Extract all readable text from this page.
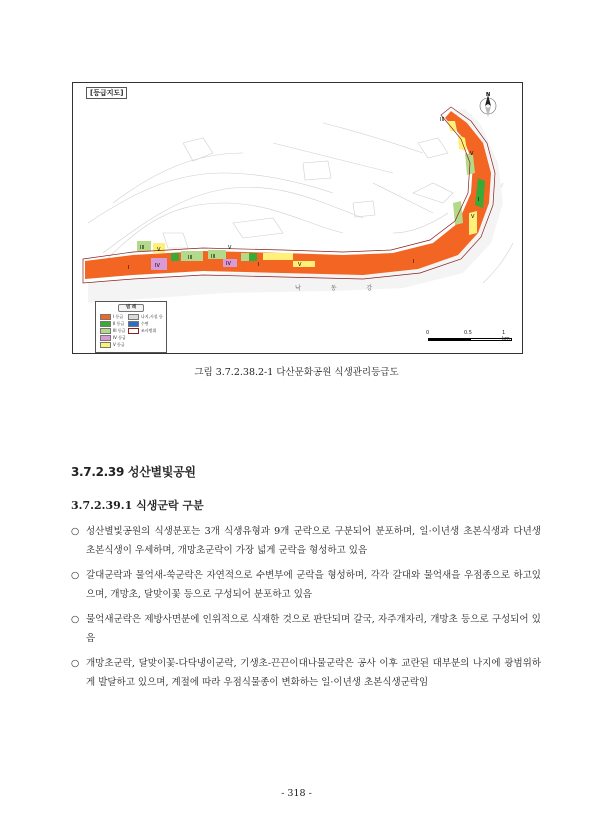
I
III	V
IV
III	III
IV
V
I	V	I
III
V
I
V
[등급지도]	N
낙 동 강
범 례
I 등급	나지,시설 등
II 등급	수면
III 등급	조사범위
IV 등급
V 등급
0	0.5	1 km
그림 3.7.2.38.2-1 다산문화공원 식생관리등급도
3.7.2.39 성산별빛공원
3.7.2.39.1 식생군락 구분
○ 성산별빛공원의 식생분포는 3개 식생유형과 9개 군락으로 구분되어 분포하며, 일·이년생 초본식생과 다년생 초본식생이 우세하며, 개망초군락이 가장 넓게 군락을 형성하고 있음
○ 갈대군락과 물억새-쑥군락은 자연적으로 수변부에 군락을 형성하며, 각각 갈대와 물억새을 우점종으로 하고있으며, 개망초, 달맞이꽃 등으로 구성되어 분포하고 있음
○ 물억새군락은 제방사면분에 인위적으로 식재한 것으로 판단되며 갈국, 자주개자리, 개망초 등으로 구성되어 있음
○ 개망초군락, 달맞이꽃-다닥냉이군락, 기생초-끈끈이대나물군락은 공사 이후 교란된 대부분의 나지에 광범위하게 발달하고 있으며, 계절에 따라 우점식물종이 변화하는 일·이년생 초본식생군락임
- 318 -
